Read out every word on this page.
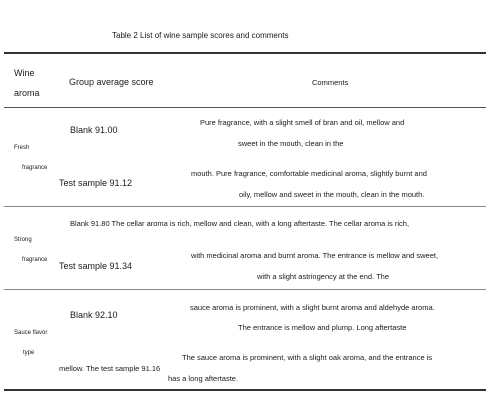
Table 2 List of wine sample scores and comments
Wine
aroma
Group average score	Comments
Fresh
fragrance
Blank 91.00
Test sample 91.12
Pure fragrance, with a slight smell of bran and oil, mellow and
sweet in the mouth, clean in the
mouth. Pure fragrance, comfortable medicinal aroma, slightly burnt and
oily, mellow and sweet in the mouth, clean in the mouth.
Strong
fragrance
Blank 91.80 The cellar aroma is rich, mellow and clean, with a long aftertaste. The cellar aroma is rich,
Test sample 91.34
with medicinal aroma and burnt aroma. The entrance is mellow and sweet,
with a slight astringency at the end. The
Sauce flavor
type
Blank 92.10
mellow. The test sample 91.16
sauce aroma is prominent, with a slight burnt aroma and aldehyde aroma.
The entrance is mellow and plump. Long aftertaste
The sauce aroma is prominent, with a slight oak aroma, and the entrance is
has a long aftertaste.
